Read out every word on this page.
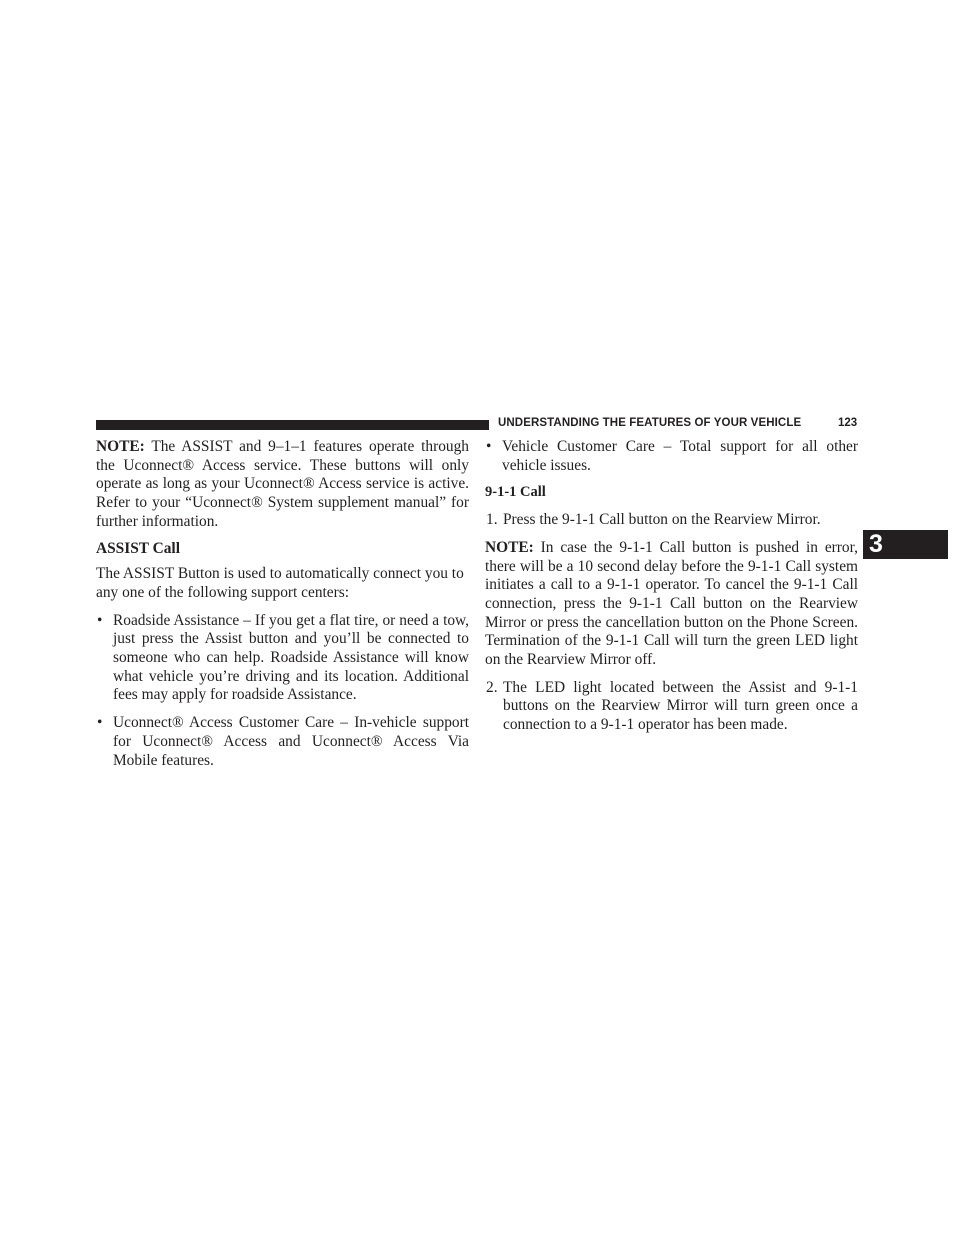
UNDERSTANDING THE FEATURES OF YOUR VEHICLE	123
3

NOTE: The ASSIST and 9–1–1 features operate through the Uconnect® Access service. These buttons will only operate as long as your Uconnect® Access service is active. Refer to your “Uconnect® System supplement manual” for further information.

ASSIST Call

The ASSIST Button is used to automatically connect you to any one of the following support centers:

• Roadside Assistance – If you get a flat tire, or need a tow, just press the Assist button and you’ll be connected to someone who can help. Roadside Assistance will know what vehicle you’re driving and its location. Additional fees may apply for roadside Assistance.
• Uconnect® Access Customer Care – In-vehicle support for Uconnect® Access and Uconnect® Access Via Mobile features.
• Vehicle Customer Care – Total support for all other vehicle issues.

9-1-1 Call

1. Press the 9-1-1 Call button on the Rearview Mirror.

NOTE: In case the 9-1-1 Call button is pushed in error, there will be a 10 second delay before the 9-1-1 Call system initiates a call to a 9-1-1 operator. To cancel the 9-1-1 Call connection, press the 9-1-1 Call button on the Rearview Mirror or press the cancellation button on the Phone Screen. Termination of the 9-1-1 Call will turn the green LED light on the Rearview Mirror off.

2. The LED light located between the Assist and 9-1-1 buttons on the Rearview Mirror will turn green once a connection to a 9-1-1 operator has been made.
